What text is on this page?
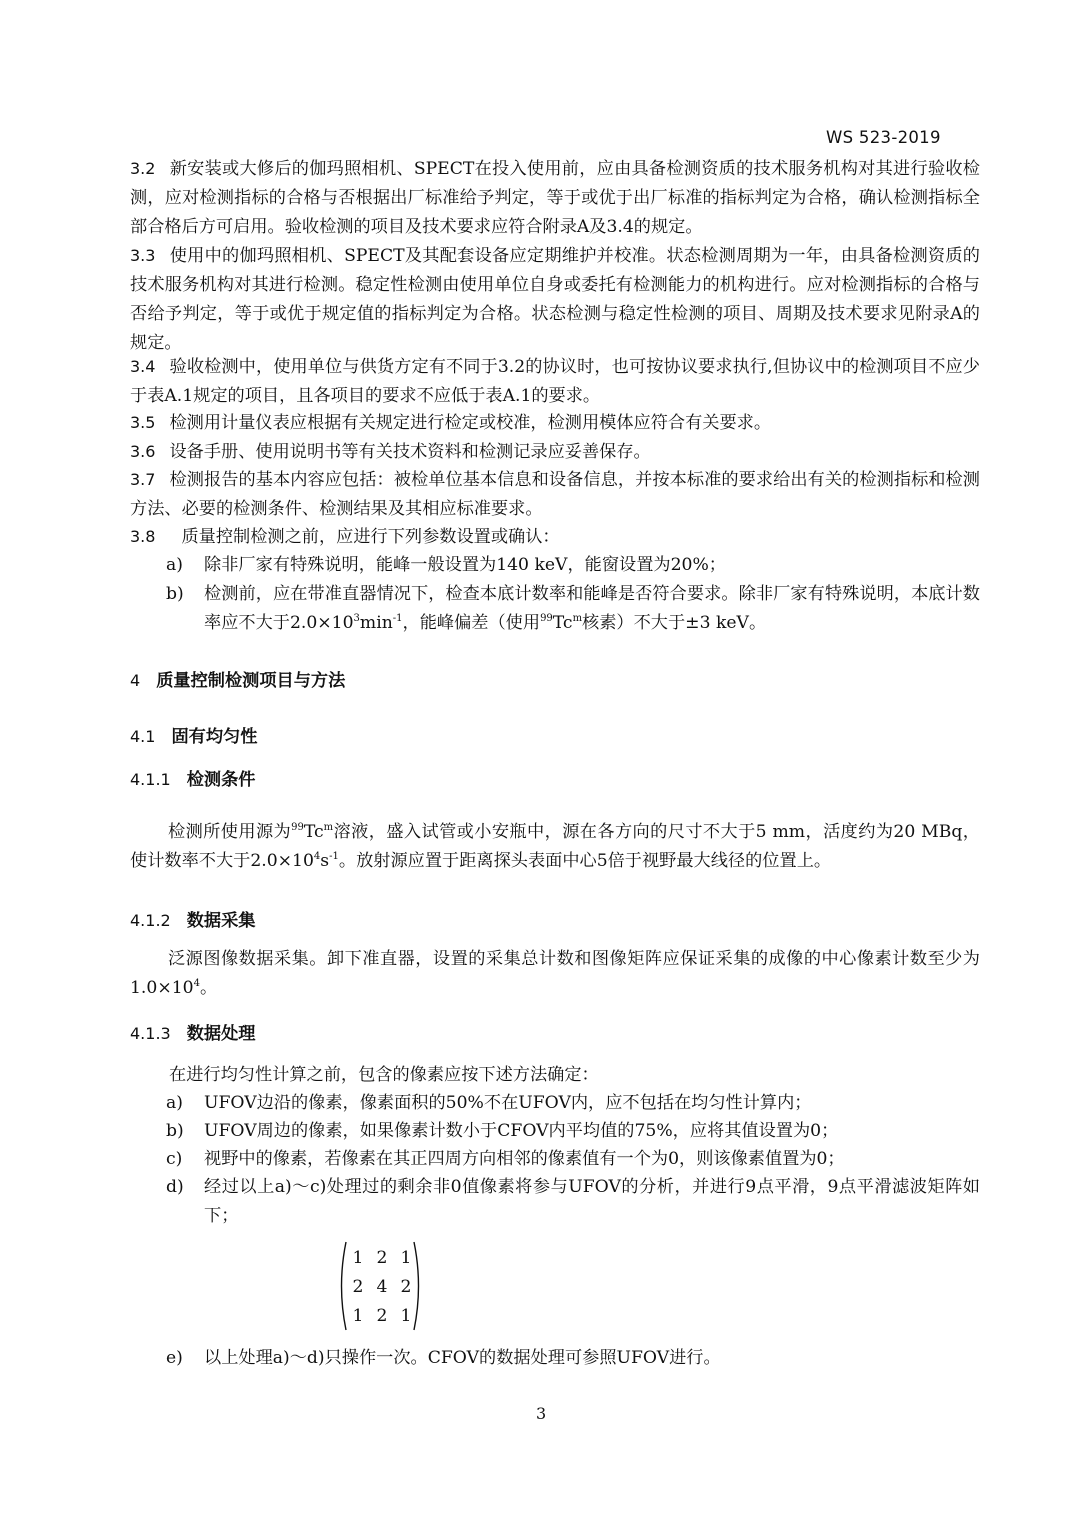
WS 523-2019
3.2 新安装或大修后的伽玛照相机、SPECT在投入使用前，应由具备检测资质的技术服务机构对其进行验收检测，应对检测指标的合格与否根据出厂标准给予判定，等于或优于出厂标准的指标判定为合格，确认检测指标全部合格后方可启用。验收检测的项目及技术要求应符合附录A及3.4的规定。
3.3 使用中的伽玛照相机、SPECT及其配套设备应定期维护并校准。状态检测周期为一年，由具备检测资质的技术服务机构对其进行检测。稳定性检测由使用单位自身或委托有检测能力的机构进行。应对检测指标的合格与否给予判定，等于或优于规定值的指标判定为合格。状态检测与稳定性检测的项目、周期及技术要求见附录A的规定。
3.4 验收检测中，使用单位与供货方定有不同于3.2的协议时，也可按协议要求执行,但协议中的检测项目不应少于表A.1规定的项目，且各项目的要求不应低于表A.1的要求。
3.5 检测用计量仪表应根据有关规定进行检定或校准，检测用模体应符合有关要求。
3.6 设备手册、使用说明书等有关技术资料和检测记录应妥善保存。
3.7 检测报告的基本内容应包括：被检单位基本信息和设备信息，并按本标准的要求给出有关的检测指标和检测方法、必要的检测条件、检测结果及其相应标准要求。
3.8 质量控制检测之前，应进行下列参数设置或确认：
a)	除非厂家有特殊说明，能峰一般设置为140 keV，能窗设置为20%；
b)	检测前，应在带准直器情况下，检查本底计数率和能峰是否符合要求。除非厂家有特殊说明，本底计数率应不大于$2.0\times 10^3\min^{-1}$，能峰偏差（使用$^{99}$Tc$^m$核素）不大于±3 keV。
4 质量控制检测项目与方法
4.1 固有均匀性
4.1.1 检测条件
检测所使用源为$^{99}$Tc$^m$溶液，盛入试管或小安瓶中，源在各方向的尺寸不大于5 mm，活度约为20 MBq，使计数率不大于$2.0\times 10^4s^{-1}$。放射源应置于距离探头表面中心5倍于视野最大线径的位置上。
4.1.2 数据采集
泛源图像数据采集。卸下准直器，设置的采集总计数和图像矩阵应保证采集的成像的中心像素计数至少为$1.0\times 10^4$。
4.1.3 数据处理
在进行均匀性计算之前，包含的像素应按下述方法确定：
a)	UFOV边沿的像素，像素面积的50%不在UFOV内，应不包括在均匀性计算内；
b)	UFOV周边的像素，如果像素计数小于CFOV内平均值的75%，应将其值设置为0；
c)	视野中的像素，若像素在其正四周方向相邻的像素值有一个为0，则该像素值置为0；
d)	经过以上a)～c)处理过的剩余非0值像素将参与UFOV的分析，并进行9点平滑，9点平滑滤波矩阵如下；
1 2 1
2 4 2
1 2 1
e)	以上处理a)～d)只操作一次。CFOV的数据处理可参照UFOV进行。
3
